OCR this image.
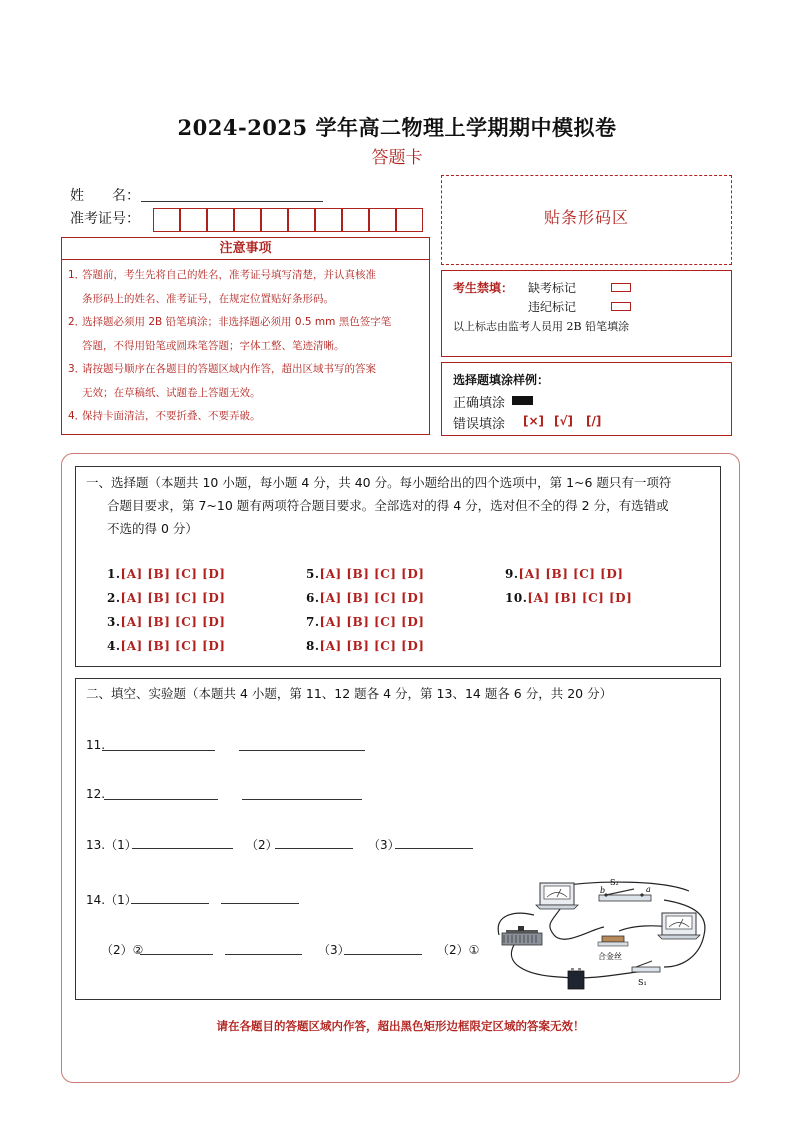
2024-2025 学年高二物理上学期期中模拟卷
答题卡
姓　　名：
准考证号：
注意事项
1．答题前，考生先将自己的姓名，准考证号填写清楚，并认真核准
条形码上的姓名、准考证号，在规定位置贴好条形码。
2．选择题必须用 2B 铅笔填涂；非选择题必须用 0.5 mm 黑色签字笔
答题，不得用铅笔或圆珠笔答题；字体工整、笔迹清晰。
3．请按题号顺序在各题目的答题区域内作答，超出区域书写的答案
无效；在草稿纸、试题卷上答题无效。
4．保持卡面清洁，不要折叠、不要弄破。
贴条形码区
考生禁填： 缺考标记
违纪标记
以上标志由监考人员用 2B 铅笔填涂
选择题填涂样例：
正确填涂
错误填涂 [×] [√] [/]
一、选择题（本题共 10 小题，每小题 4 分，共 40 分。每小题给出的四个选项中，第 1~6 题只有一项符
合题目要求，第 7~10 题有两项符合题目要求。全部选对的得 4 分，选对但不全的得 2 分，有选错或
不选的得 0 分）
1.[A] [B] [C] [D]
2.[A] [B] [C] [D]
3.[A] [B] [C] [D]
4.[A] [B] [C] [D]
5.[A] [B] [C] [D]
6.[A] [B] [C] [D]
7.[A] [B] [C] [D]
8.[A] [B] [C] [D]
9.[A] [B] [C] [D]
10.[A] [B] [C] [D]
二、填空、实验题（本题共 4 小题，第 11、12 题各 4 分，第 13、14 题各 6 分，共 20 分）
11.
12.
13.（1）	（2）	（3）
14.（1）
（2）②	（3）	（2）①
S₂
b	a
合金丝
S₁
请在各题目的答题区域内作答，超出黑色矩形边框限定区域的答案无效！
